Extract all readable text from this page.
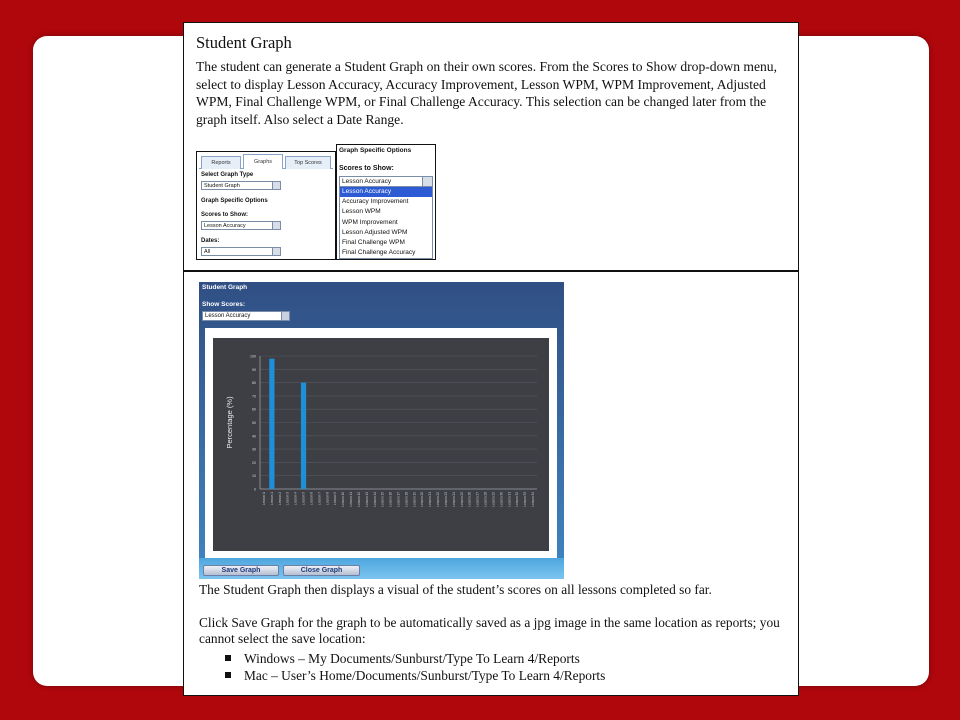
Student Graph
The student can generate a Student Graph on their own scores. From the Scores to Show drop-down menu, select to display Lesson Accuracy, Accuracy Improvement, Lesson WPM, WPM Improvement, Adjusted WPM, Final Challenge WPM, or Final Challenge Accuracy. This selection can be changed later from the graph itself. Also select a Date Range.
Reports	Graphs	Top Scores
Select Graph Type
Student Graph
Graph Specific Options
Scores to Show:
Lesson Accuracy
Dates:
All
Graph Specific Options
Scores to Show:
Lesson Accuracy
Lesson Accuracy
Accuracy Improvement
Lesson WPM
WPM Improvement
Lesson Adjusted WPM
Final Challenge WPM
Final Challenge Accuracy
Student Graph
Show Scores:
Lesson Accuracy
0
10
20
30
40
50
60
70
80
90
100
Percentage (%)
Lesson A Lesson 1 Lesson 2 Lesson 3 Lesson 4 Lesson 5 Lesson 6 Lesson 7 Lesson 8 Lesson 9 Lesson 10 Lesson 11 Lesson 12 Lesson 13 Lesson 14 Lesson 15 Lesson 16 Lesson 17 Lesson 18 Lesson 19 Lesson 20 Lesson 21 Lesson 22 Lesson 23 Lesson 24 Lesson 25 Lesson 26 Lesson 27 Lesson 28 Lesson 29 Lesson 30 Lesson 31 Lesson 32 Lesson 33 Lesson 34
Save Graph	Close Graph
The Student Graph then displays a visual of the student’s scores on all lessons completed so far.
Click Save Graph for the graph to be automatically saved as a jpg image in the same location as reports; you cannot select the save location:
Windows – My Documents/Sunburst/Type To Learn 4/Reports
Mac – User’s Home/Documents/Sunburst/Type To Learn 4/Reports
